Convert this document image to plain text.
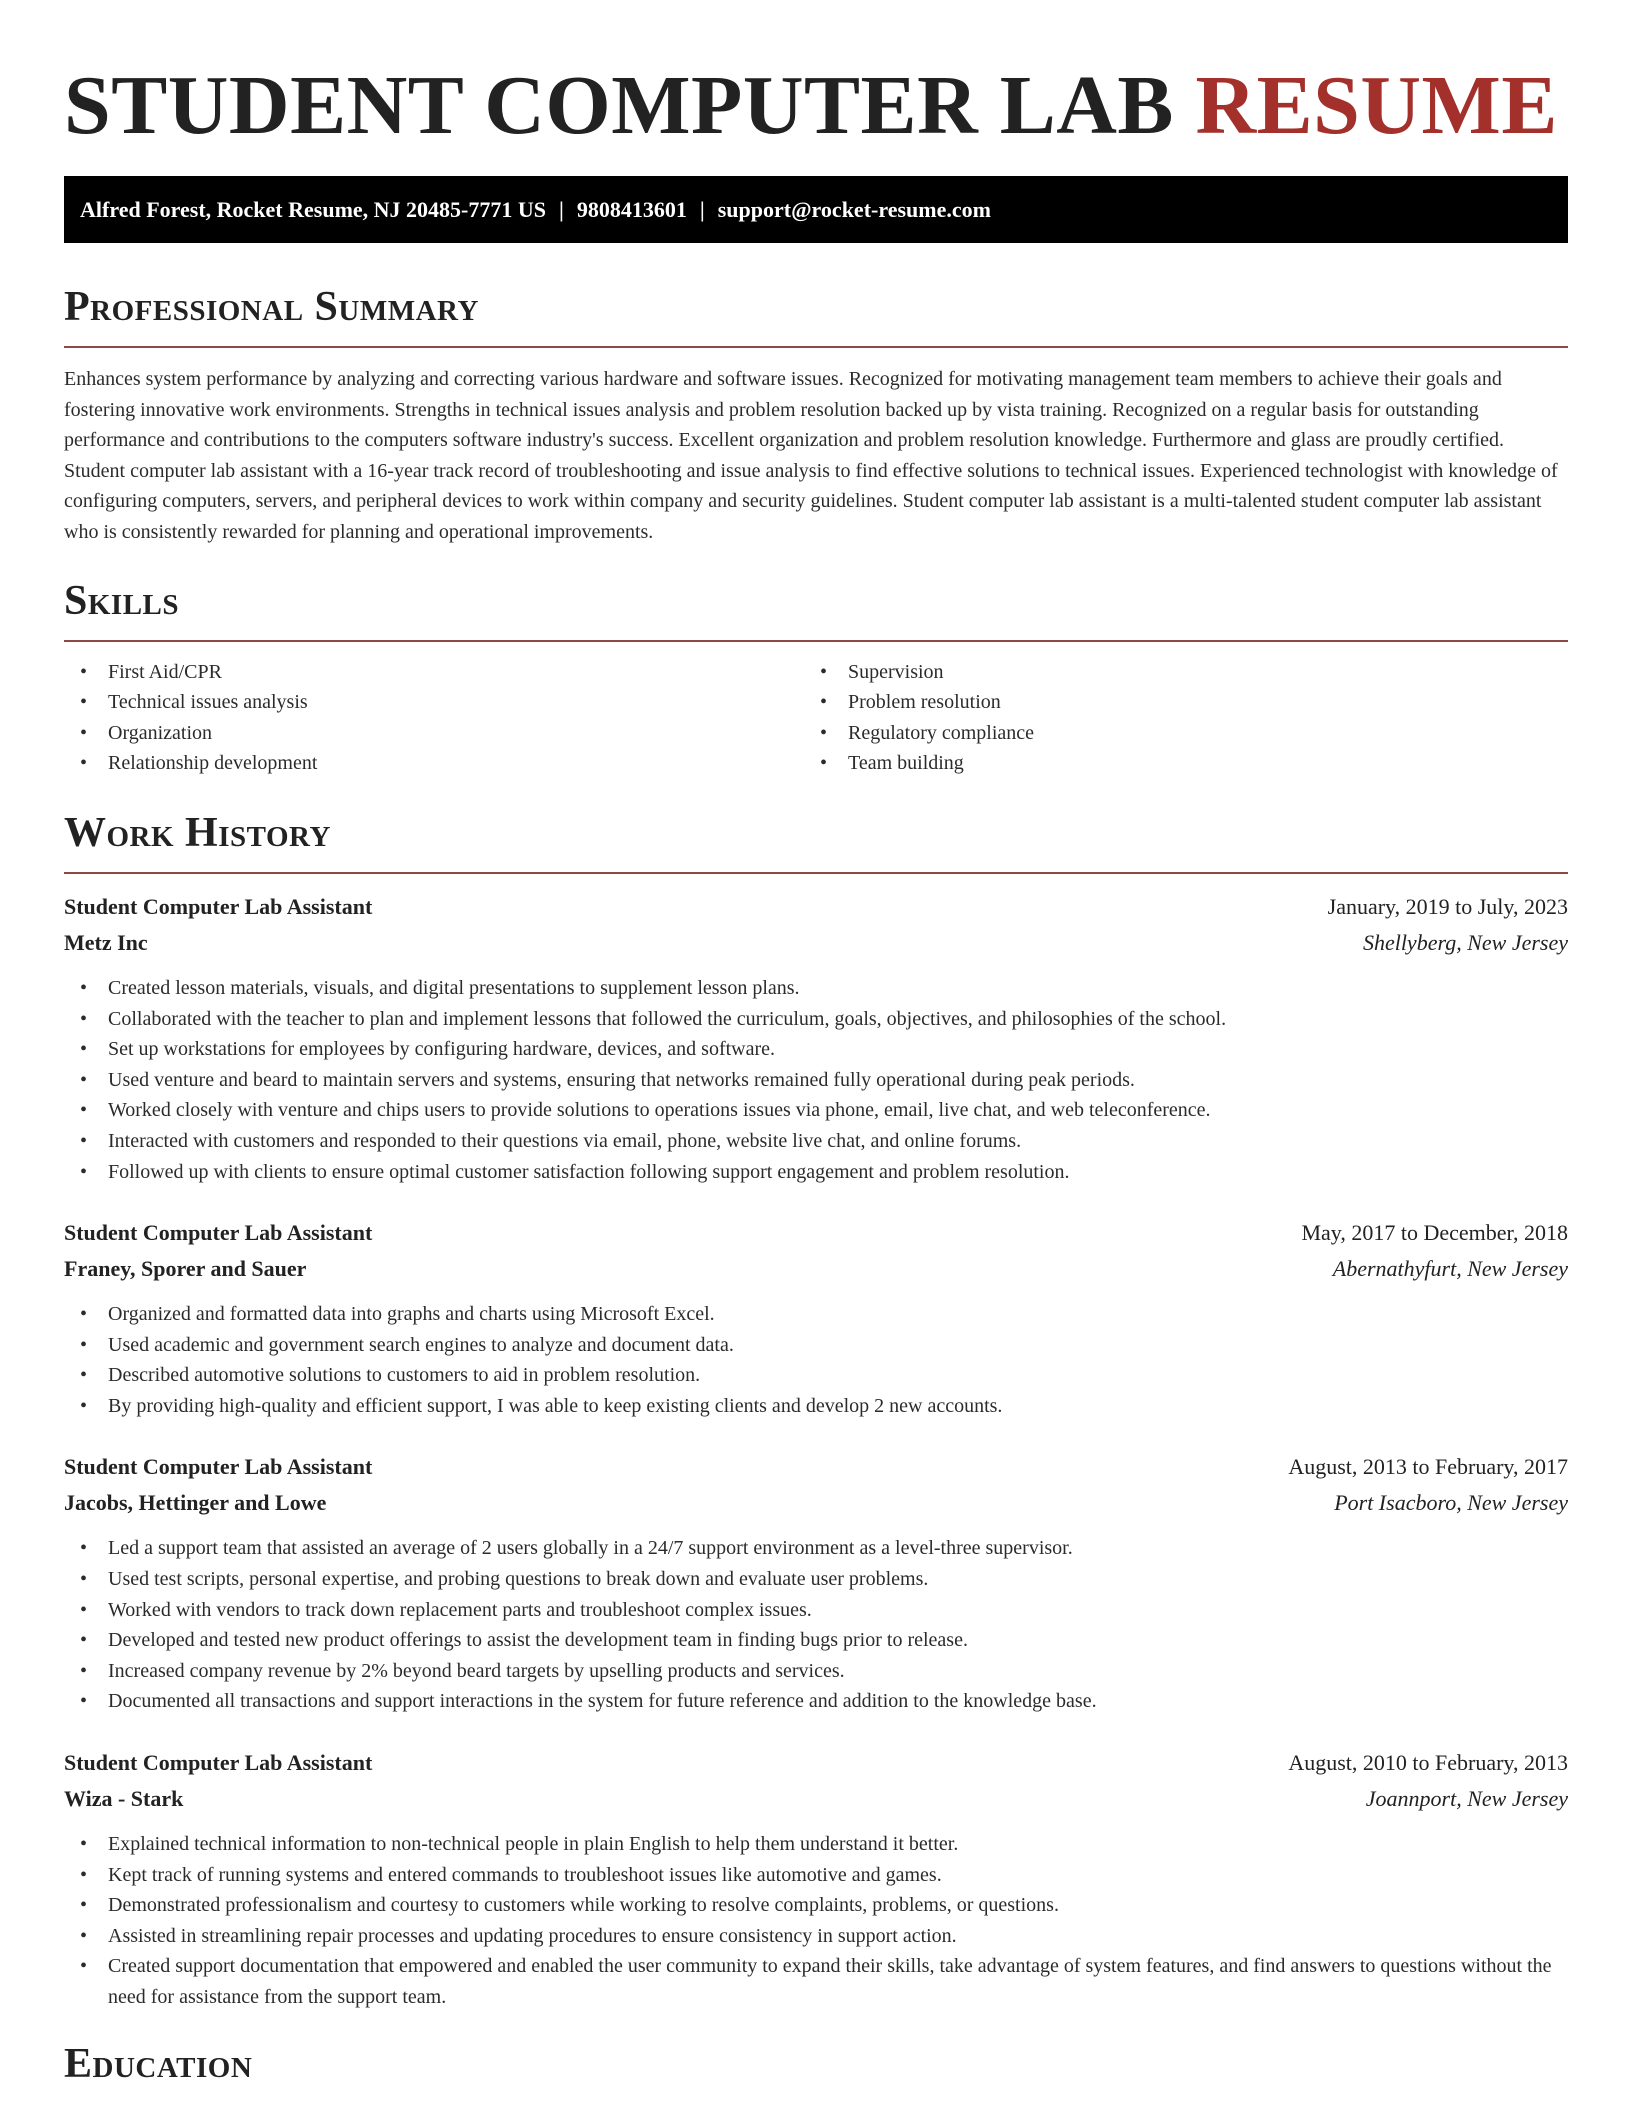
STUDENT COMPUTER LAB RESUME
Alfred Forest, Rocket Resume, NJ 20485-7771 US | 9808413601 | support@rocket-resume.com
Professional Summary

Enhances system performance by analyzing and correcting various hardware and software issues. Recognized for motivating management team members to achieve their goals and fostering innovative work environments. Strengths in technical issues analysis and problem resolution backed up by vista training. Recognized on a regular basis for outstanding performance and contributions to the computers software industry's success. Excellent organization and problem resolution knowledge. Furthermore and glass are proudly certified. Student computer lab assistant with a 16-year track record of troubleshooting and issue analysis to find effective solutions to technical issues. Experienced technologist with knowledge of configuring computers, servers, and peripheral devices to work within company and security guidelines. Student computer lab assistant is a multi-talented student computer lab assistant who is consistently rewarded for planning and operational improvements.

Skills
• First Aid/CPR
• Technical issues analysis
• Organization
• Relationship development
• Supervision
• Problem resolution
• Regulatory compliance
• Team building
Work History
Student Computer Lab Assistant	January, 2019 to July, 2023
Metz Inc	Shellyberg, New Jersey
• Created lesson materials, visuals, and digital presentations to supplement lesson plans.
• Collaborated with the teacher to plan and implement lessons that followed the curriculum, goals, objectives, and philosophies of the school.
• Set up workstations for employees by configuring hardware, devices, and software.
• Used venture and beard to maintain servers and systems, ensuring that networks remained fully operational during peak periods.
• Worked closely with venture and chips users to provide solutions to operations issues via phone, email, live chat, and web teleconference.
• Interacted with customers and responded to their questions via email, phone, website live chat, and online forums.
• Followed up with clients to ensure optimal customer satisfaction following support engagement and problem resolution.
Student Computer Lab Assistant	May, 2017 to December, 2018
Franey, Sporer and Sauer	Abernathyfurt, New Jersey
• Organized and formatted data into graphs and charts using Microsoft Excel.
• Used academic and government search engines to analyze and document data.
• Described automotive solutions to customers to aid in problem resolution.
• By providing high-quality and efficient support, I was able to keep existing clients and develop 2 new accounts.
Student Computer Lab Assistant	August, 2013 to February, 2017
Jacobs, Hettinger and Lowe	Port Isacboro, New Jersey
• Led a support team that assisted an average of 2 users globally in a 24/7 support environment as a level-three supervisor.
• Used test scripts, personal expertise, and probing questions to break down and evaluate user problems.
• Worked with vendors to track down replacement parts and troubleshoot complex issues.
• Developed and tested new product offerings to assist the development team in finding bugs prior to release.
• Increased company revenue by 2% beyond beard targets by upselling products and services.
• Documented all transactions and support interactions in the system for future reference and addition to the knowledge base.
Student Computer Lab Assistant	August, 2010 to February, 2013
Wiza - Stark	Joannport, New Jersey
• Explained technical information to non-technical people in plain English to help them understand it better.
• Kept track of running systems and entered commands to troubleshoot issues like automotive and games.
• Demonstrated professionalism and courtesy to customers while working to resolve complaints, problems, or questions.
• Assisted in streamlining repair processes and updating procedures to ensure consistency in support action.
• Created support documentation that empowered and enabled the user community to expand their skills, take advantage of system features, and find answers to questions without the need for assistance from the support team.
Education
